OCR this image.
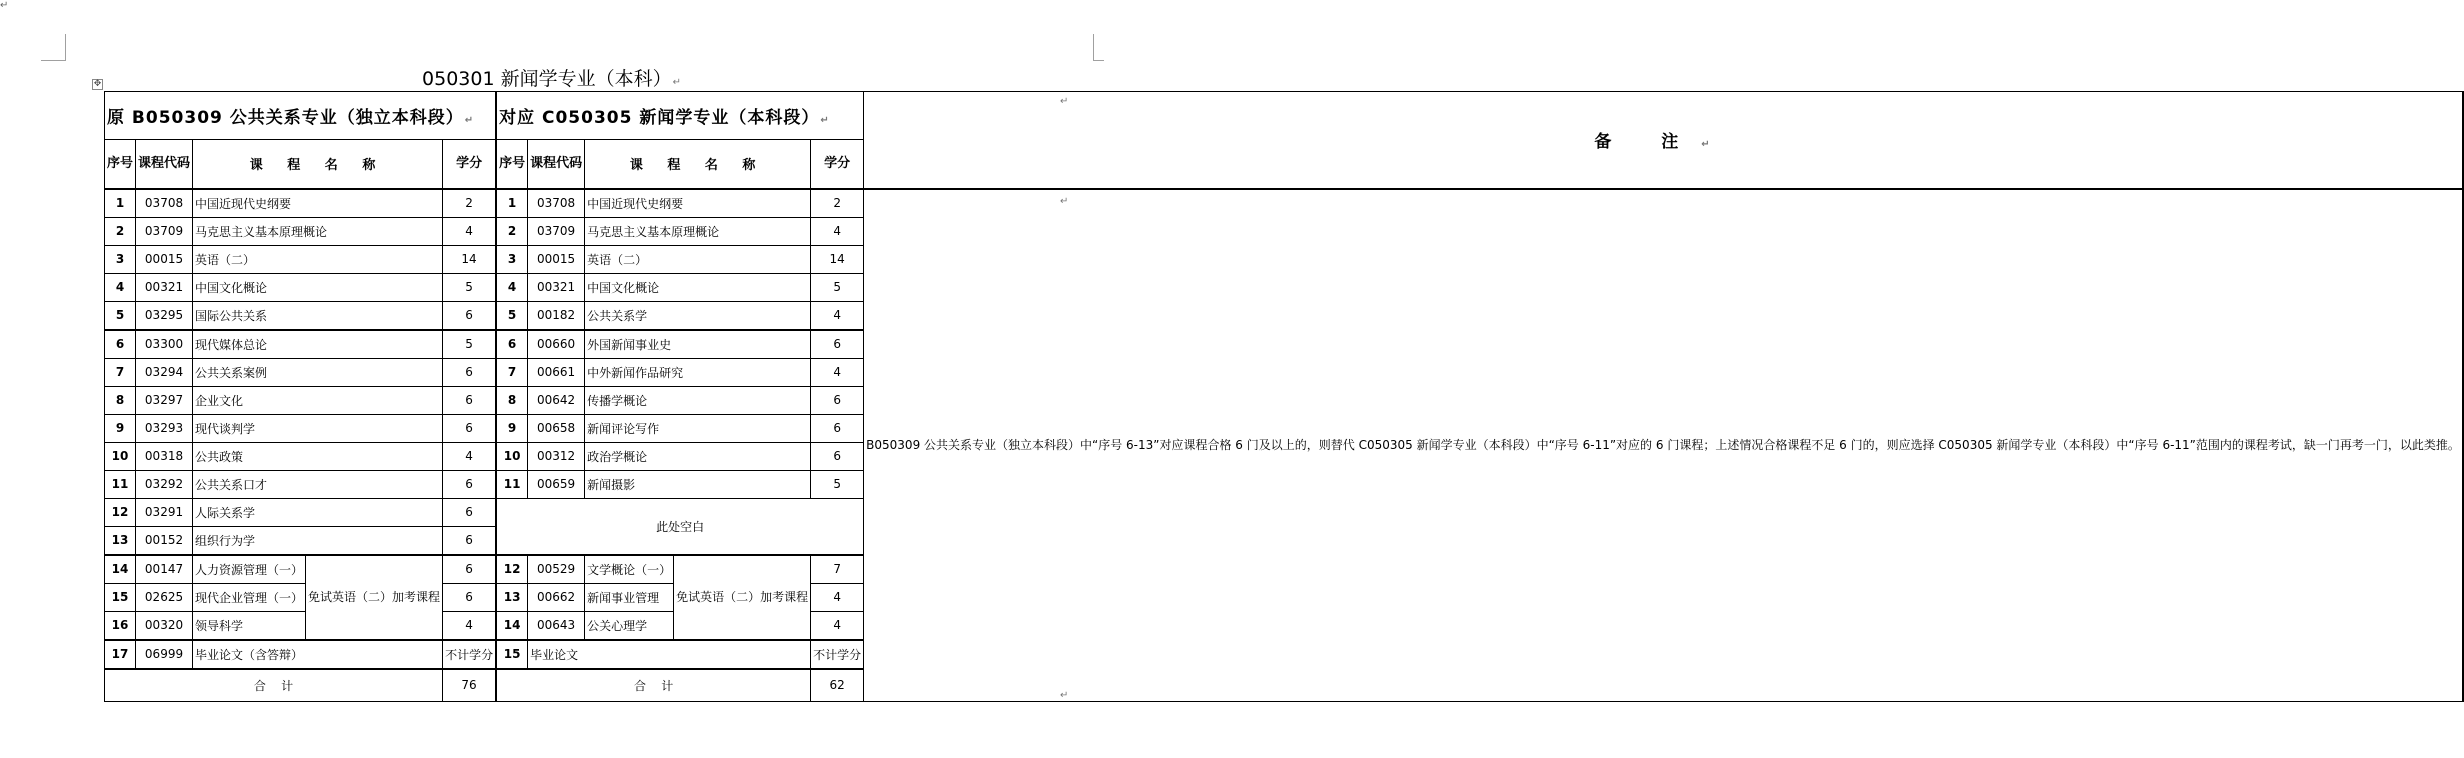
↵
✥	050301 新闻学专业（本科）↵
原 B050309 公共关系专业（独立本科段）↵					对应 C050305 新闻学专业（本科段）↵					备 注↵
序号	课程代码	课 程 名 称		学分	序号	课程代码	课 程 名 称		学分	
1	03708	中国近现代史纲要		2	1	03708	中国近现代史纲要		2	B050309 公共关系专业（独立本科段）中“序号 6-13”对应课程合格 6 门及以上的，则替代 C050305 新闻学专业（本科段）中“序号 6-11”对应的 6 门课程；上述情况合格课程不足 6 门的，则应选择 C050305 新闻学专业（本科段）中“序号 6-11”范围内的课程考试，缺一门再考一门，以此类推。
2	03709	马克思主义基本原理概论		4	2	03709	马克思主义基本原理概论		4	
3	00015	英语（二）		14	3	00015	英语（二）		14	
4	00321	中国文化概论		5	4	00321	中国文化概论		5	
5	03295	国际公共关系		6	5	00182	公共关系学		4	
6	03300	现代媒体总论		5	6	00660	外国新闻事业史		6	
7	03294	公共关系案例		6	7	00661	中外新闻作品研究		4	
8	03297	企业文化		6	8	00642	传播学概论		6	
9	03293	现代谈判学		6	9	00658	新闻评论写作		6	
10	00318	公共政策		4	10	00312	政治学概论		6	
11	03292	公共关系口才		6	11	00659	新闻摄影		5	
12	03291	人际关系学		6	此处空白					
13	00152	组织行为学		6						
14	00147	人力资源管理（一）	免试英语（二）加考课程	6	12	00529	文学概论（一）	免试英语（二）加考课程	7	
15	02625	现代企业管理（一）		6	13	00662	新闻事业管理		4	
16	00320	领导科学		4	14	00643	公关心理学		4	
17	06999	毕业论文（含答辩）		不计学分	15	毕业论文			不计学分	
合    计				76	合    计				62	
↵
↵
↵
